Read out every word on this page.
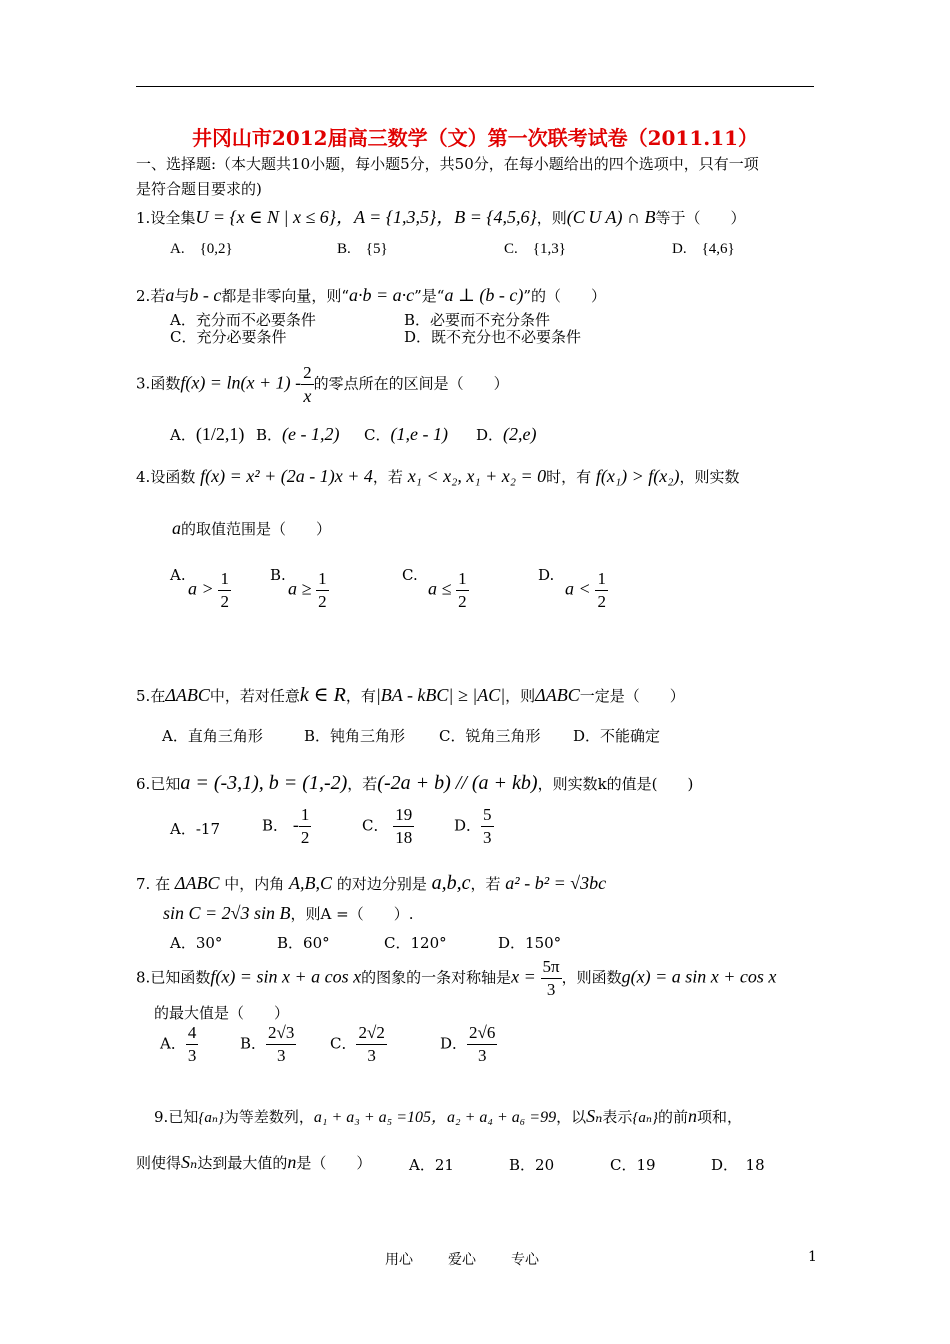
井冈山市2012届高三数学（文）第一次联考试卷（2011.11）
一、选择题:（本大题共10小题，每小题5分，共50分，在每小题给出的四个选项中，只有一项
是符合题目要求的)
1.设全集U = {x ∈ N | x ≤ 6}，A = {1,3,5}，B = {4,5,6}，则(C U A) ∩ B等于（　　）
A.　{0,2}	B.　{5}	C.　{1,3}	D.　{4,6}
2.若a与b - c都是非零向量，则“a·b = a·c”是“a ⊥ (b - c)”的（　　）
A．充分而不必要条件	B．必要而不充分条件
C．充分必要条件	D．既不充分也不必要条件
3.函数$f(x) = \ln(x + 1) - \frac{2}{x}$ 的零点所在的区间是（　　）
A．(1/2,1) B．(e - 1,2) C．(1,e - 1) D．(2,e)
4.设函数 f(x) = x² + (2a - 1)x + 4，若 x₁ < x₂, x₁ + x₂ = 0时，有 f(x₁) > f(x₂)，则实数
a的取值范围是（　　）
A.
$a > \frac{1}{2}$	B.
$a \ge \frac{1}{2}$	C.
$a \le \frac{1}{2}$	D.
$a < \frac{1}{2}$
5.在ΔABC中，若对任意k ∈ R，有|BA - kBC| ≥ |AC|，则ΔABC一定是（　　）
A．直角三角形	B．钝角三角形 C．锐角三角形 D．不能确定
6.已知a = (-3,1), b = (1,-2)，若(-2a + b) // (a + kb)，则实数k的值是(　　)
A．-17	B． - $\frac{1}{2}$	C． $\frac{19}{18}$	D． $\frac{5}{3}$
7. 在 ΔABC 中，内角 A,B,C 的对边分别是 a,b,c，若 a² - b² = √3bc
sin C = 2√3 sin B，则A =（　　）.
A．30°	B．60°	C．120°	D．150°
8.已知函数f(x) = sin x + a cos x的图象的一条对称轴是$x = \frac{5\pi}{3}$ ，则函数g(x) = a sin x + cos x
的最大值是（　　）
A． $\frac{4}{3}$	B． $\frac{2√3}{3}$ C． $\frac{2√2}{3}$	D． $\frac{2√6}{3}$
9.已知{aₙ}为等差数列，a₁ + a₃ + a₅ =105，a₂ + a₄ + a₆ =99，以Sₙ表示{aₙ}的前n项和，
则使得Sₙ达到最大值的n是（　　）	A．21	B．20	C．19	D．　18
用心	爱心	专心	1
